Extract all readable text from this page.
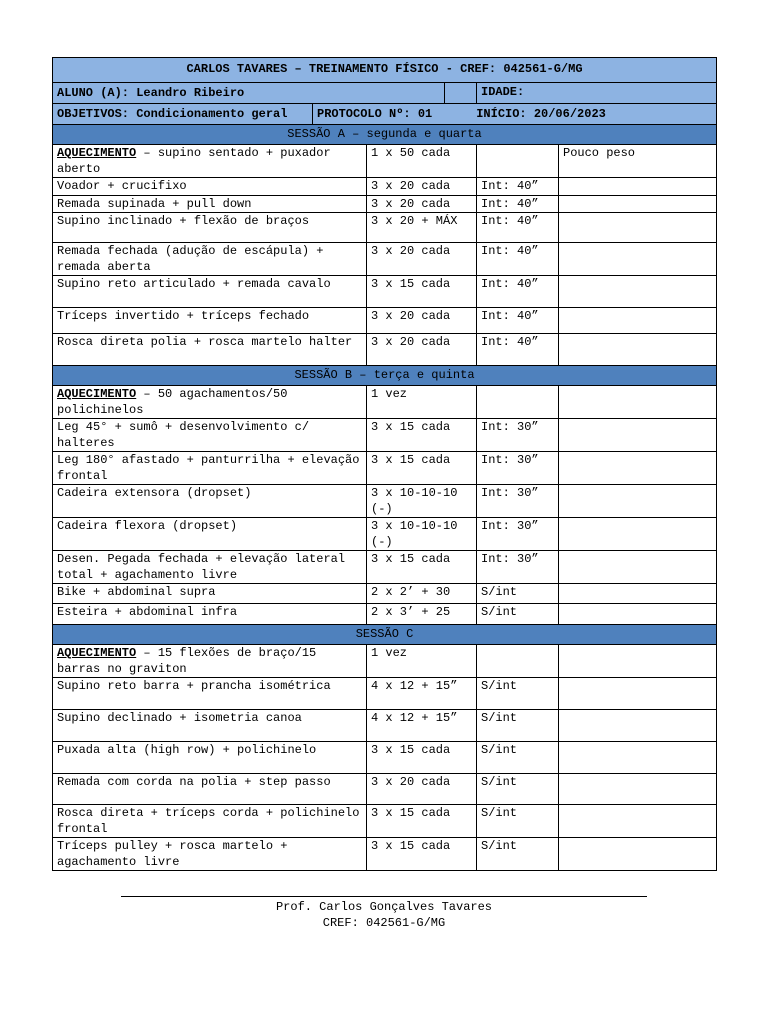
CARLOS TAVARES – TREINAMENTO FÍSICO - CREF: 042561-G/MG			

ALUNO (A): Leandro Ribeiro		IDADE:	

OBJETIVOS: Condicionamento geral PROTOCOLO Nº: 01 INÍCIO: 20/06/2023			

SESSÃO A – segunda e quarta			
AQUECIMENTO – supino sentado + puxador aberto	1 x 50 cada		Pouco peso
Voador + crucifixo	3 x 20 cada	Int: 40”	
Remada supinada + pull down	3 x 20 cada	Int: 40”	
Supino inclinado + flexão de braços	3 x 20 + MÁX	Int: 40”	
Remada fechada (adução de escápula) + remada aberta	3 x 20 cada	Int: 40”	
Supino reto articulado + remada cavalo	3 x 15 cada	Int: 40”	
Tríceps invertido + tríceps fechado	3 x 20 cada	Int: 40”	
Rosca direta polia + rosca martelo halter	3 x 20 cada	Int: 40”	
SESSÃO B – terça e quinta			
AQUECIMENTO – 50 agachamentos/50 polichinelos	1 vez		
Leg 45° + sumô + desenvolvimento c/ halteres	3 x 15 cada	Int: 30”	
Leg 180° afastado + panturrilha + elevação frontal	3 x 15 cada	Int: 30”	
Cadeira extensora (dropset)	3 x 10-10-10 (-)	Int: 30”	
Cadeira flexora (dropset)	3 x 10-10-10 (-)	Int: 30”	
Desen. Pegada fechada + elevação lateral total + agachamento livre	3 x 15 cada	Int: 30”	
Bike + abdominal supra	2 x 2’ + 30	S/int	
Esteira + abdominal infra	2 x 3’ + 25	S/int	
SESSÃO C			
AQUECIMENTO – 15 flexões de braço/15 barras no graviton	1 vez		
Supino reto barra + prancha isométrica	4 x 12 + 15”	S/int	
Supino declinado + isometria canoa	4 x 12 + 15”	S/int	
Puxada alta (high row) + polichinelo	3 x 15 cada	S/int	
Remada com corda na polia + step passo	3 x 20 cada	S/int	
Rosca direta + tríceps corda + polichinelo frontal	3 x 15 cada	S/int	
Tríceps pulley + rosca martelo + agachamento livre	3 x 15 cada	S/int	
Prof. Carlos Gonçalves Tavares
CREF: 042561-G/MG
